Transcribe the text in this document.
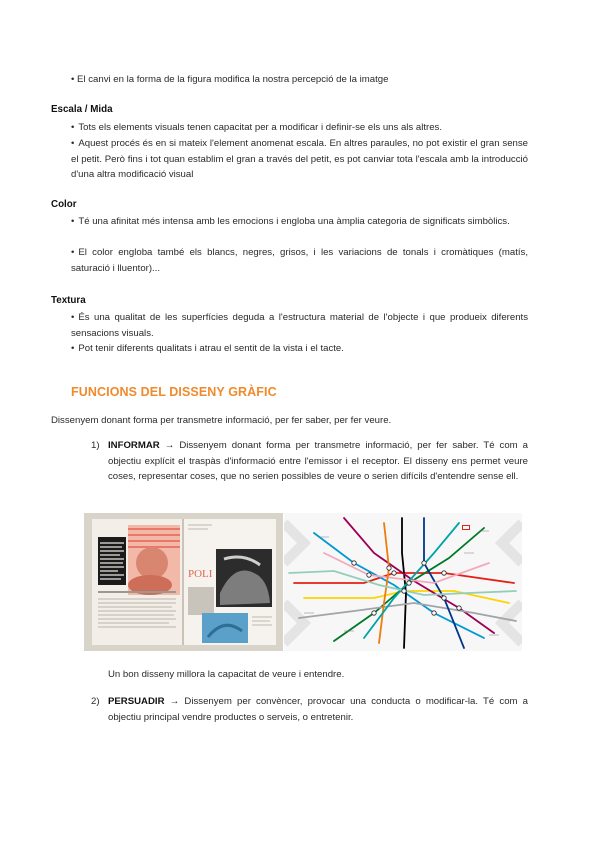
• El canvi en la forma de la figura modifica la nostra percepció de la imatge
Escala / Mida
• Tots els elements visuals tenen capacitat per a modificar i definir-se els uns als altres.
• Aquest procés és en si mateix l'element anomenat escala. En altres paraules, no pot existir el gran sense el petit. Però fins i tot quan establim el gran a través del petit, es pot canviar tota l'escala amb la introducció d'una altra modificació visual
Color
• Té una afinitat més intensa amb les emocions i engloba una àmplia categoria de significats simbòlics.
• El color engloba també els blancs, negres, grisos, i les variacions de tonals i cromàtiques (matís, saturació i lluentor)...
Textura
• És una qualitat de les superfícies deguda a l'estructura material de l'objecte i que produeix diferents sensacions visuals.
• Pot tenir diferents qualitats i atrau el sentit de la vista i el tacte.
FUNCIONS DEL DISSENY GRÀFIC
Dissenyem donant forma per transmetre informació, per fer saber, per fer veure.
1) INFORMAR → Dissenyem donant forma per transmetre informació, per fer saber. Té com a objectiu explícit el traspàs d'informació entre l'emissor i el receptor. El disseny ens permet veure coses, representar coses, que no serien possibles de veure o serien difícils d'entendre sense ell.
POLI
Un bon disseny millora la capacitat de veure i entendre.
2) PERSUADIR → Dissenyem per convèncer, provocar una conducta o modificar-la. Té com a objectiu principal vendre productes o serveis, o entretenir.
